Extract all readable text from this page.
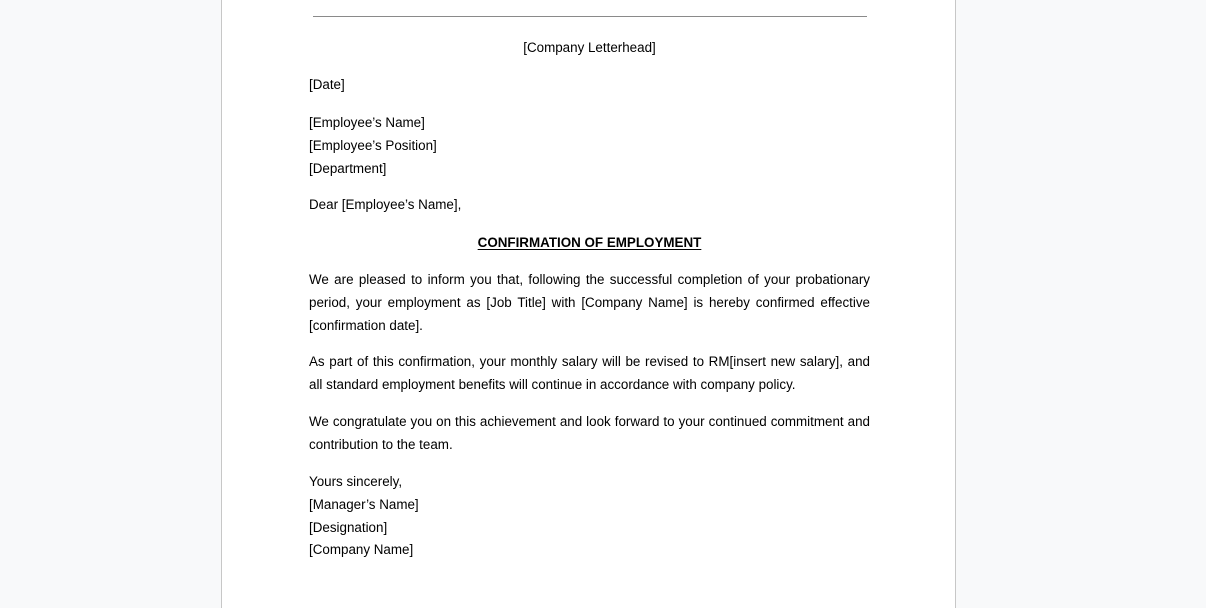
[Company Letterhead]

[Date]

[Employee’s Name]
[Employee’s Position]
[Department]

Dear [Employee’s Name],

CONFIRMATION OF EMPLOYMENT

We are pleased to inform you that, following the successful completion of your probationary period, your employment as [Job Title] with [Company Name] is hereby confirmed effective [confirmation date].

As part of this confirmation, your monthly salary will be revised to RM[insert new salary], and all standard employment benefits will continue in accordance with company policy.

We congratulate you on this achievement and look forward to your continued commitment and contribution to the team.

Yours sincerely,
[Manager’s Name]
[Designation]
[Company Name]
